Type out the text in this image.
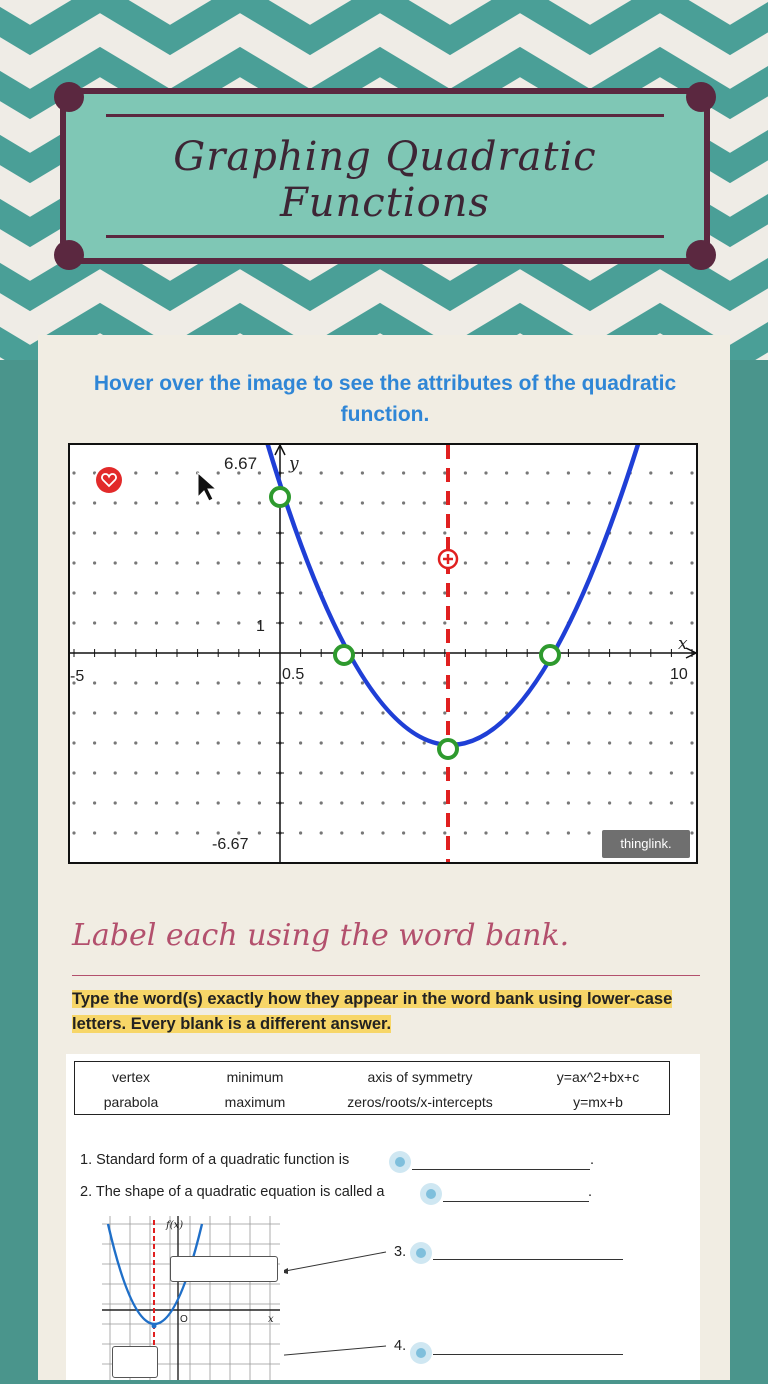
Graphing Quadratic Functions
Hover over the image to see the attributes of the quadratic function.
6.67 y
1
-5	0.5	10
x
-6.67	thinglink.
Label each using the word bank.
Type the word(s) exactly how they appear in the word bank using lower-case letters. Every blank is a different answer.
vertex	minimum	axis of symmetry	y=ax^2+bx+c
parabola	maximum	zeros/roots/x-intercepts	y=mx+b
1. Standard form of a quadratic function is	.
2. The shape of a quadratic equation is called a	.
3.
4.
f(x)
x
O
